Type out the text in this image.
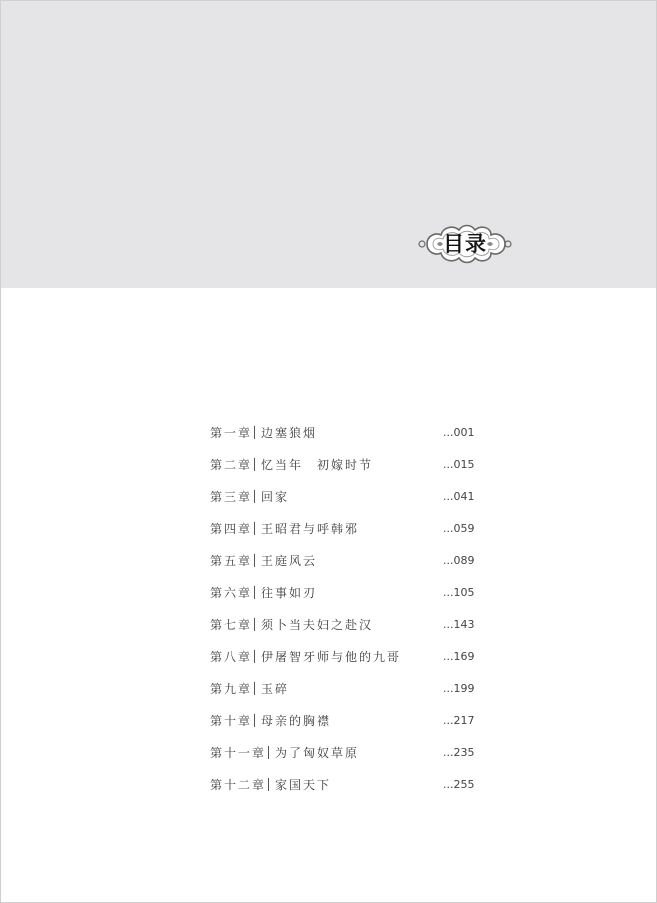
目录
第一章 边塞狼烟	...001
第二章 忆当年　初嫁时节	...015
第三章 回家	...041
第四章 王昭君与呼韩邪	...059
第五章 王庭风云	...089
第六章 往事如刃	...105
第七章 须卜当夫妇之赴汉	...143
第八章 伊屠智牙师与他的九哥	...169
第九章 玉碎	...199
第十章 母亲的胸襟	...217
第十一章 为了匈奴草原	...235
第十二章 家国天下	...255
